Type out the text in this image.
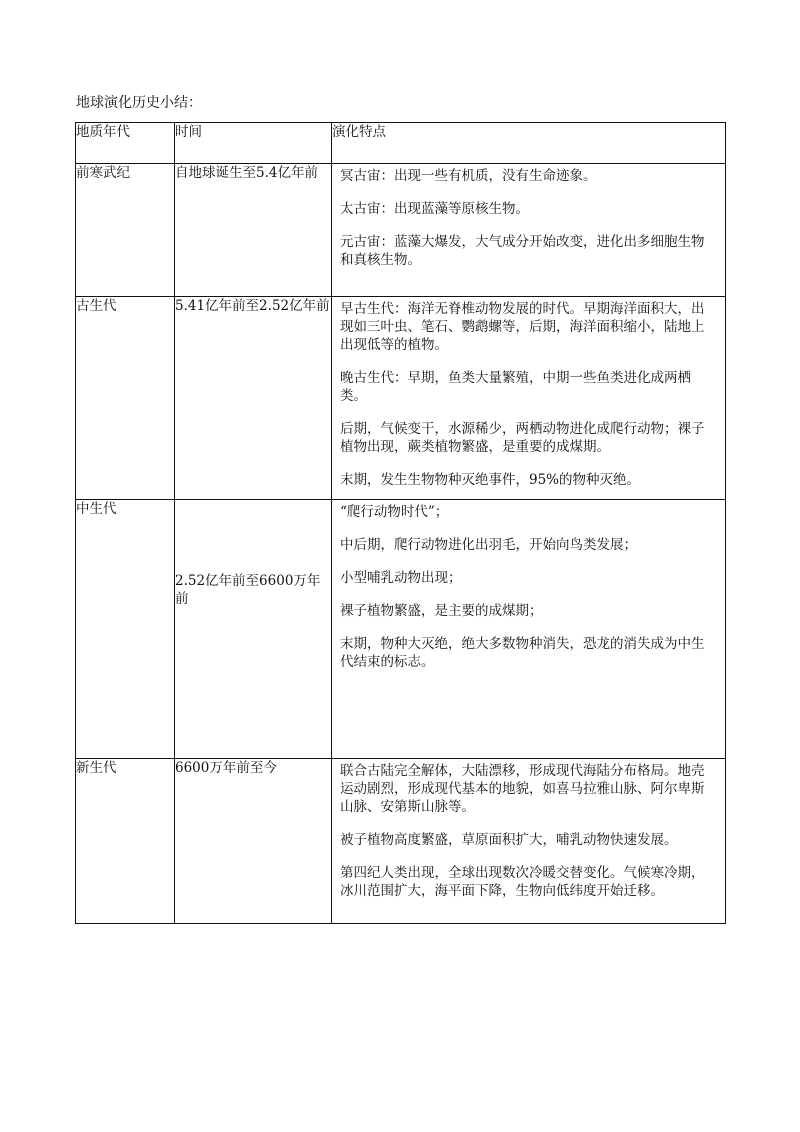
地球演化历史小结：
地质年代	时间	演化特点
前寒武纪	自地球诞生至5.4亿年前	冥古宙：出现一些有机质，没有生命迹象。

太古宙：出现蓝藻等原核生物。

元古宙：蓝藻大爆发，大气成分开始改变，进化出多细胞生物和真核生物。

古生代	5.41亿年前至2.52亿年前	早古生代：海洋无脊椎动物发展的时代。早期海洋面积大，出现如三叶虫、笔石、鹦鹉螺等，后期，海洋面积缩小，陆地上出现低等的植物。

晚古生代：早期，鱼类大量繁殖，中期一些鱼类进化成两栖类。

后期，气候变干，水源稀少，两栖动物进化成爬行动物；裸子植物出现，蕨类植物繁盛，是重要的成煤期。

末期，发生生物物种灭绝事件，95%的物种灭绝。

中生代	2.52亿年前至6600万年前	“爬行动物时代”；

中后期，爬行动物进化出羽毛，开始向鸟类发展；

小型哺乳动物出现；

裸子植物繁盛，是主要的成煤期；

末期，物种大灭绝，绝大多数物种消失，恐龙的消失成为中生代结束的标志。

新生代	6600万年前至今	联合古陆完全解体，大陆漂移，形成现代海陆分布格局。地壳运动剧烈，形成现代基本的地貌，如喜马拉雅山脉、阿尔卑斯山脉、安第斯山脉等。

被子植物高度繁盛，草原面积扩大，哺乳动物快速发展。

第四纪人类出现，全球出现数次冷暖交替变化。气候寒冷期，冰川范围扩大，海平面下降，生物向低纬度开始迁移。
